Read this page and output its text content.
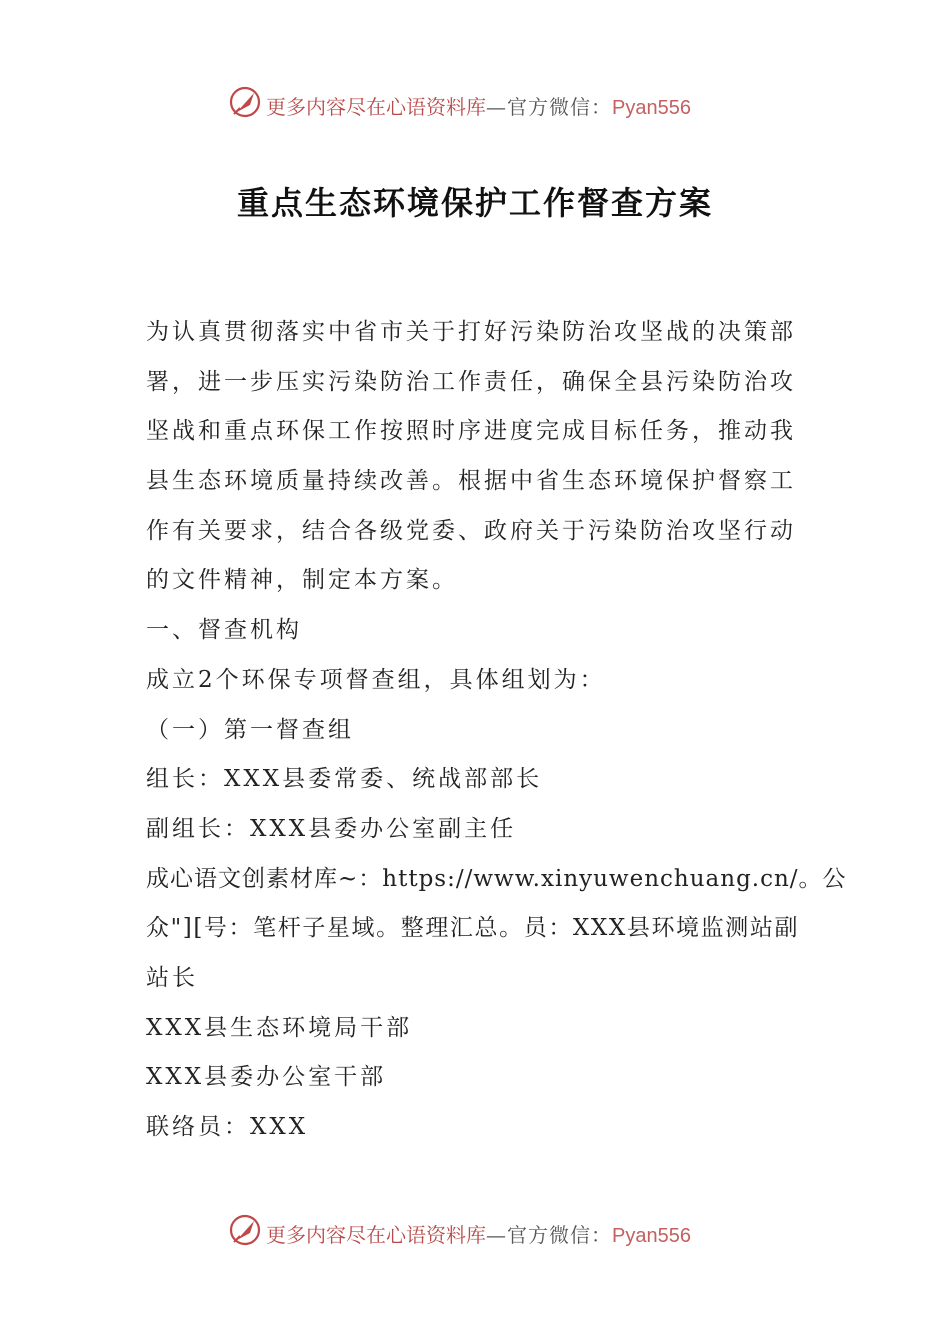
更多内容尽在心语资料库—官方微信：Pyan556
重点生态环境保护工作督查方案
为认真贯彻落实中省市关于打好污染防治攻坚战的决策部
署，进一步压实污染防治工作责任，确保全县污染防治攻
坚战和重点环保工作按照时序进度完成目标任务，推动我
县生态环境质量持续改善。根据中省生态环境保护督察工
作有关要求，结合各级党委、政府关于污染防治攻坚行动
的文件精神，制定本方案。
一、督查机构
成立2个环保专项督查组，具体组划为：
（一）第一督查组
组长：XXX县委常委、统战部部长
副组长：XXX县委办公室副主任
成心语文创素材库~：https://www.xinyuwenchuang.cn/。公
众"][号：笔杆子星域。整理汇总。员：XXX县环境监测站副
站长
XXX县生态环境局干部
XXX县委办公室干部
联络员：XXX
更多内容尽在心语资料库—官方微信：Pyan556
